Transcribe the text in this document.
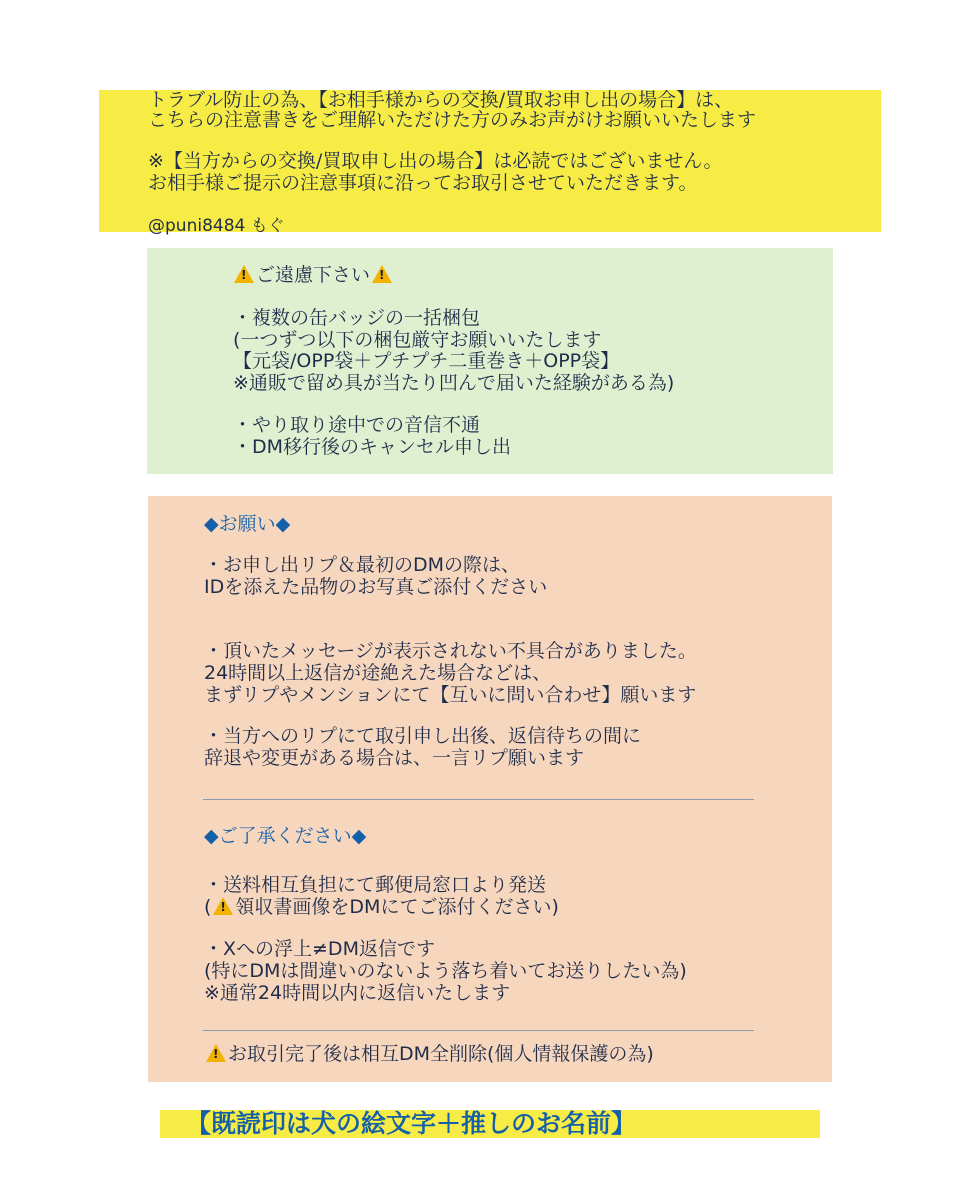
トラブル防止の為、【お相手様からの交換/買取お申し出の場合】は、
こちらの注意書きをご理解いただけた方のみお声がけお願いいたします
※【当方からの交換/買取申し出の場合】は必読ではございません。
お相手様ご提示の注意事項に沿ってお取引させていただきます。
@puni8484 もぐ
!ご遠慮下さい!
・複数の缶バッジの一括梱包
(一つずつ以下の梱包厳守お願いいたします
【元袋/OPP袋＋プチプチ二重巻き＋OPP袋】
※通販で留め具が当たり凹んで届いた経験がある為)
・やり取り途中での音信不通
・DM移行後のキャンセル申し出
◆お願い◆
・お申し出リプ＆最初のDMの際は、
IDを添えた品物のお写真ご添付ください
・頂いたメッセージが表示されない不具合がありました。
24時間以上返信が途絶えた場合などは、
まずリプやメンションにて【互いに問い合わせ】願います
・当方へのリプにて取引申し出後、返信待ちの間に
辞退や変更がある場合は、一言リプ願います
◆ご了承ください◆
・送料相互負担にて郵便局窓口より発送
(! 領収書画像をDMにてご添付ください)
・Xへの浮上≠DM返信です
(特にDMは間違いのないよう落ち着いてお送りしたい為)
※通常24時間以内に返信いたします
!お取引完了後は相互DM全削除(個人情報保護の為)
【既読印は犬の絵文字＋推しのお名前】
